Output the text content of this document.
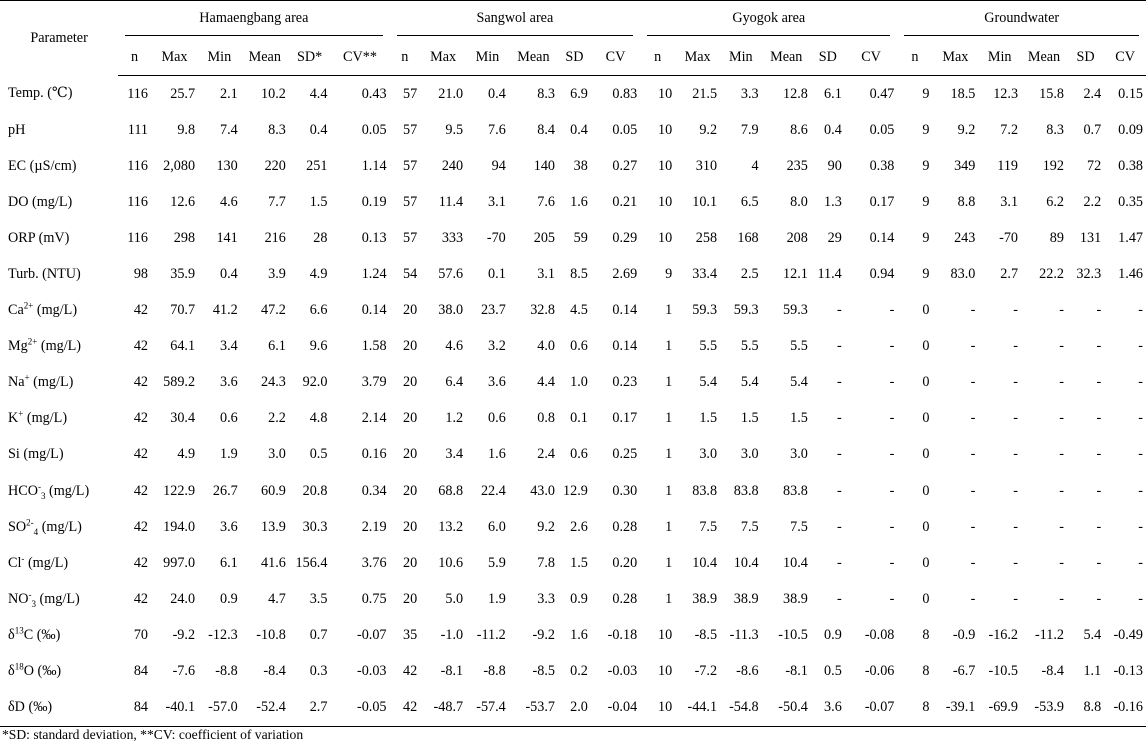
Parameter	Hamaengbang area						Sangwol area						Gyogok area						Groundwater					

	n	Max	Min	Mean	SD*	CV**	n	Max	Min	Mean	SD	CV	n	Max	Min	Mean	SD	CV	n	Max	Min	Mean	SD	CV
Temp. (℃)	116	25.7	2.1	10.2	4.4	0.43	57	21.0	0.4	8.3	6.9	0.83	10	21.5	3.3	12.8	6.1	0.47	9	18.5	12.3	15.8	2.4	0.15
pH	111	9.8	7.4	8.3	0.4	0.05	57	9.5	7.6	8.4	0.4	0.05	10	9.2	7.9	8.6	0.4	0.05	9	9.2	7.2	8.3	0.7	0.09
EC (µS/cm)	116	2,080	130	220	251	1.14	57	240	94	140	38	0.27	10	310	4	235	90	0.38	9	349	119	192	72	0.38
DO (mg/L)	116	12.6	4.6	7.7	1.5	0.19	57	11.4	3.1	7.6	1.6	0.21	10	10.1	6.5	8.0	1.3	0.17	9	8.8	3.1	6.2	2.2	0.35
ORP (mV)	116	298	141	216	28	0.13	57	333	-70	205	59	0.29	10	258	168	208	29	0.14	9	243	-70	89	131	1.47
Turb. (NTU)	98	35.9	0.4	3.9	4.9	1.24	54	57.6	0.1	3.1	8.5	2.69	9	33.4	2.5	12.1	11.4	0.94	9	83.0	2.7	22.2	32.3	1.46
$Ca^{2+}$ (mg/L)	42	70.7	41.2	47.2	6.6	0.14	20	38.0	23.7	32.8	4.5	0.14	1	59.3	59.3	59.3	-	-	0	-	-	-	-	-
$Mg^{2+}$ (mg/L)	42	64.1	3.4	6.1	9.6	1.58	20	4.6	3.2	4.0	0.6	0.14	1	5.5	5.5	5.5	-	-	0	-	-	-	-	-
Na+ (mg/L)	42	589.2	3.6	24.3	92.0	3.79	20	6.4	3.6	4.4	1.0	0.23	1	5.4	5.4	5.4	-	-	0	-	-	-	-	-
K+ (mg/L)	42	30.4	0.6	2.2	4.8	2.14	20	1.2	0.6	0.8	0.1	0.17	1	1.5	1.5	1.5	-	-	0	-	-	-	-	-
Si (mg/L)	42	4.9	1.9	3.0	0.5	0.16	20	3.4	1.6	2.4	0.6	0.25	1	3.0	3.0	3.0	-	-	0	-	-	-	-	-
$HCO^-_3$ (mg/L)	42	122.9	26.7	60.9	20.8	0.34	20	68.8	22.4	43.0	12.9	0.30	1	83.8	83.8	83.8	-	-	0	-	-	-	-	-
$SO^{2-}_4$ (mg/L)	42	194.0	3.6	13.9	30.3	2.19	20	13.2	6.0	9.2	2.6	0.28	1	7.5	7.5	7.5	-	-	0	-	-	-	-	-
Cl- (mg/L)	42	997.0	6.1	41.6	156.4	3.76	20	10.6	5.9	7.8	1.5	0.20	1	10.4	10.4	10.4	-	-	0	-	-	-	-	-
$NO^-_3$ (mg/L)	42	24.0	0.9	4.7	3.5	0.75	20	5.0	1.9	3.3	0.9	0.28	1	38.9	38.9	38.9	-	-	0	-	-	-	-	-
$\delta^{13}C$ (‰)	70	-9.2	-12.3	-10.8	0.7	-0.07	35	-1.0	-11.2	-9.2	1.6	-0.18	10	-8.5	-11.3	-10.5	0.9	-0.08	8	-0.9	-16.2	-11.2	5.4	-0.49
$\delta^{18}O$ (‰)	84	-7.6	-8.8	-8.4	0.3	-0.03	42	-8.1	-8.8	-8.5	0.2	-0.03	10	-7.2	-8.6	-8.1	0.5	-0.06	8	-6.7	-10.5	-8.4	1.1	-0.13
δD (‰)	84	-40.1	-57.0	-52.4	2.7	-0.05	42	-48.7	-57.4	-53.7	2.0	-0.04	10	-44.1	-54.8	-50.4	3.6	-0.07	8	-39.1	-69.9	-53.9	8.8	-0.16
*SD: standard deviation, **CV: coefficient of variation
